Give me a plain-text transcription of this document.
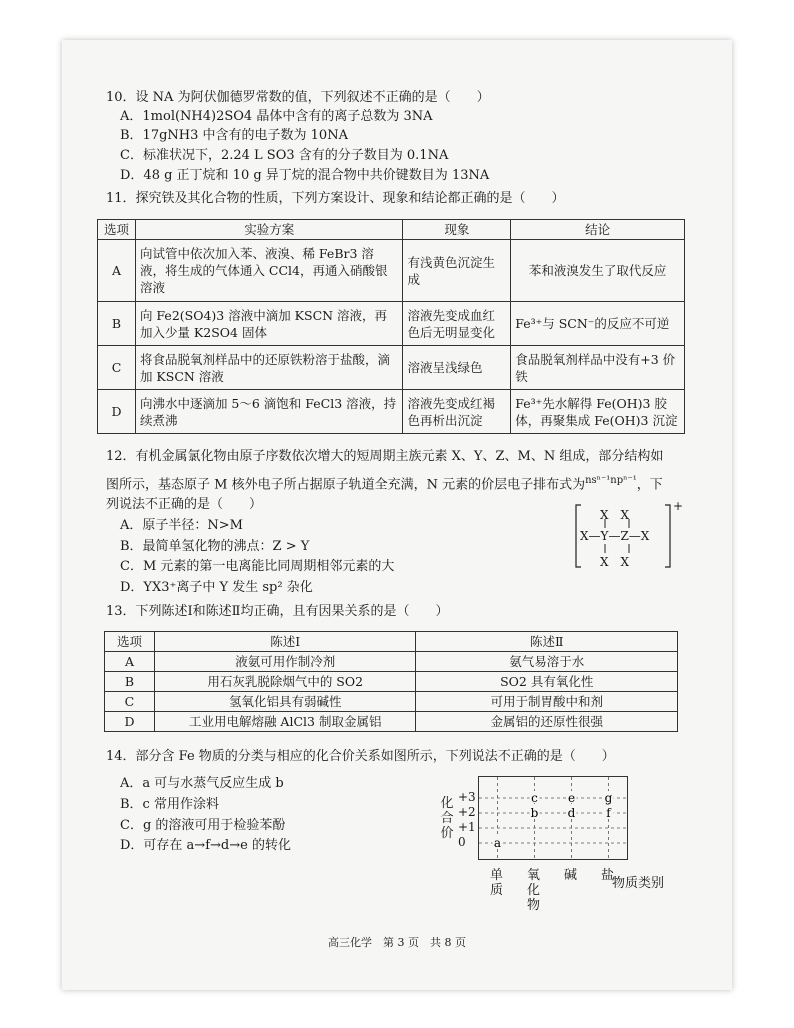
10．设 NA 为阿伏伽德罗常数的值，下列叙述不正确的是（　　）
A．1mol(NH4)2SO4 晶体中含有的离子总数为 3NA
B．17gNH3 中含有的电子数为 10NA
C．标准状况下，2.24 L SO3 含有的分子数目为 0.1NA
D．48 g 正丁烷和 10 g 异丁烷的混合物中共价键数目为 13NA
11．探究铁及其化合物的性质，下列方案设计、现象和结论都正确的是（　　）
选项	实验方案	现象	结论
A	向试管中依次加入苯、液溴、稀 FeBr3 溶液，将生成的气体通入 CCl4，再通入硝酸银溶液	有浅黄色沉淀生成	苯和液溴发生了取代反应
B	向 Fe2(SO4)3 溶液中滴加 KSCN 溶液，再加入少量 K2SO4 固体	溶液先变成血红色后无明显变化	Fe³⁺与 SCN⁻的反应不可逆
C	将食品脱氧剂样品中的还原铁粉溶于盐酸，滴加 KSCN 溶液	溶液呈浅绿色	食品脱氧剂样品中没有+3 价铁
D	向沸水中逐滴加 5～6 滴饱和 FeCl3 溶液，持续煮沸	溶液先变成红褐色再析出沉淀	Fe³⁺先水解得 Fe(OH)3 胶体，再聚集成 Fe(OH)3 沉淀
12．有机金属氯化物由原子序数依次增大的短周期主族元素 X、Y、Z、M、N 组成，部分结构如
图所示，基态原子 M 核外电子所占据原子轨道全充满，N 元素的价层电子排布式为$^{ns^{n-1}np^{n-1}}$，下
列说法不正确的是（　　）
A．原子半径：N>M
B．最简单氢化物的沸点：Z > Y
C．M 元素的第一电离能比同周期相邻元素的大
D．YX3⁺离子中 Y 发生 sp² 杂化
+
X　X
X—Y—Z—X
X　X
13．下列陈述Ⅰ和陈述Ⅱ均正确，且有因果关系的是（　　）
选项	陈述Ⅰ	陈述Ⅱ
A	液氨可用作制冷剂	氨气易溶于水
B	用石灰乳脱除烟气中的 SO2	SO2 具有氧化性
C	氢氧化铝具有弱碱性	可用于制胃酸中和剂
D	工业用电解熔融 AlCl3 制取金属铝	金属铝的还原性很强
14．部分含 Fe 物质的分类与相应的化合价关系如图所示，下列说法不正确的是（　　）
A．a 可与水蒸气反应生成 b
B．c 常用作涂料
C．g 的溶液可用于检验苯酚
D．可存在 a→f→d→e 的转化
化合价
+3
+2
+1
0 a
b
c
d
e
f
g
单质
氧化物
碱 盐
物质类别
高三化学　第 3 页　共 8 页
